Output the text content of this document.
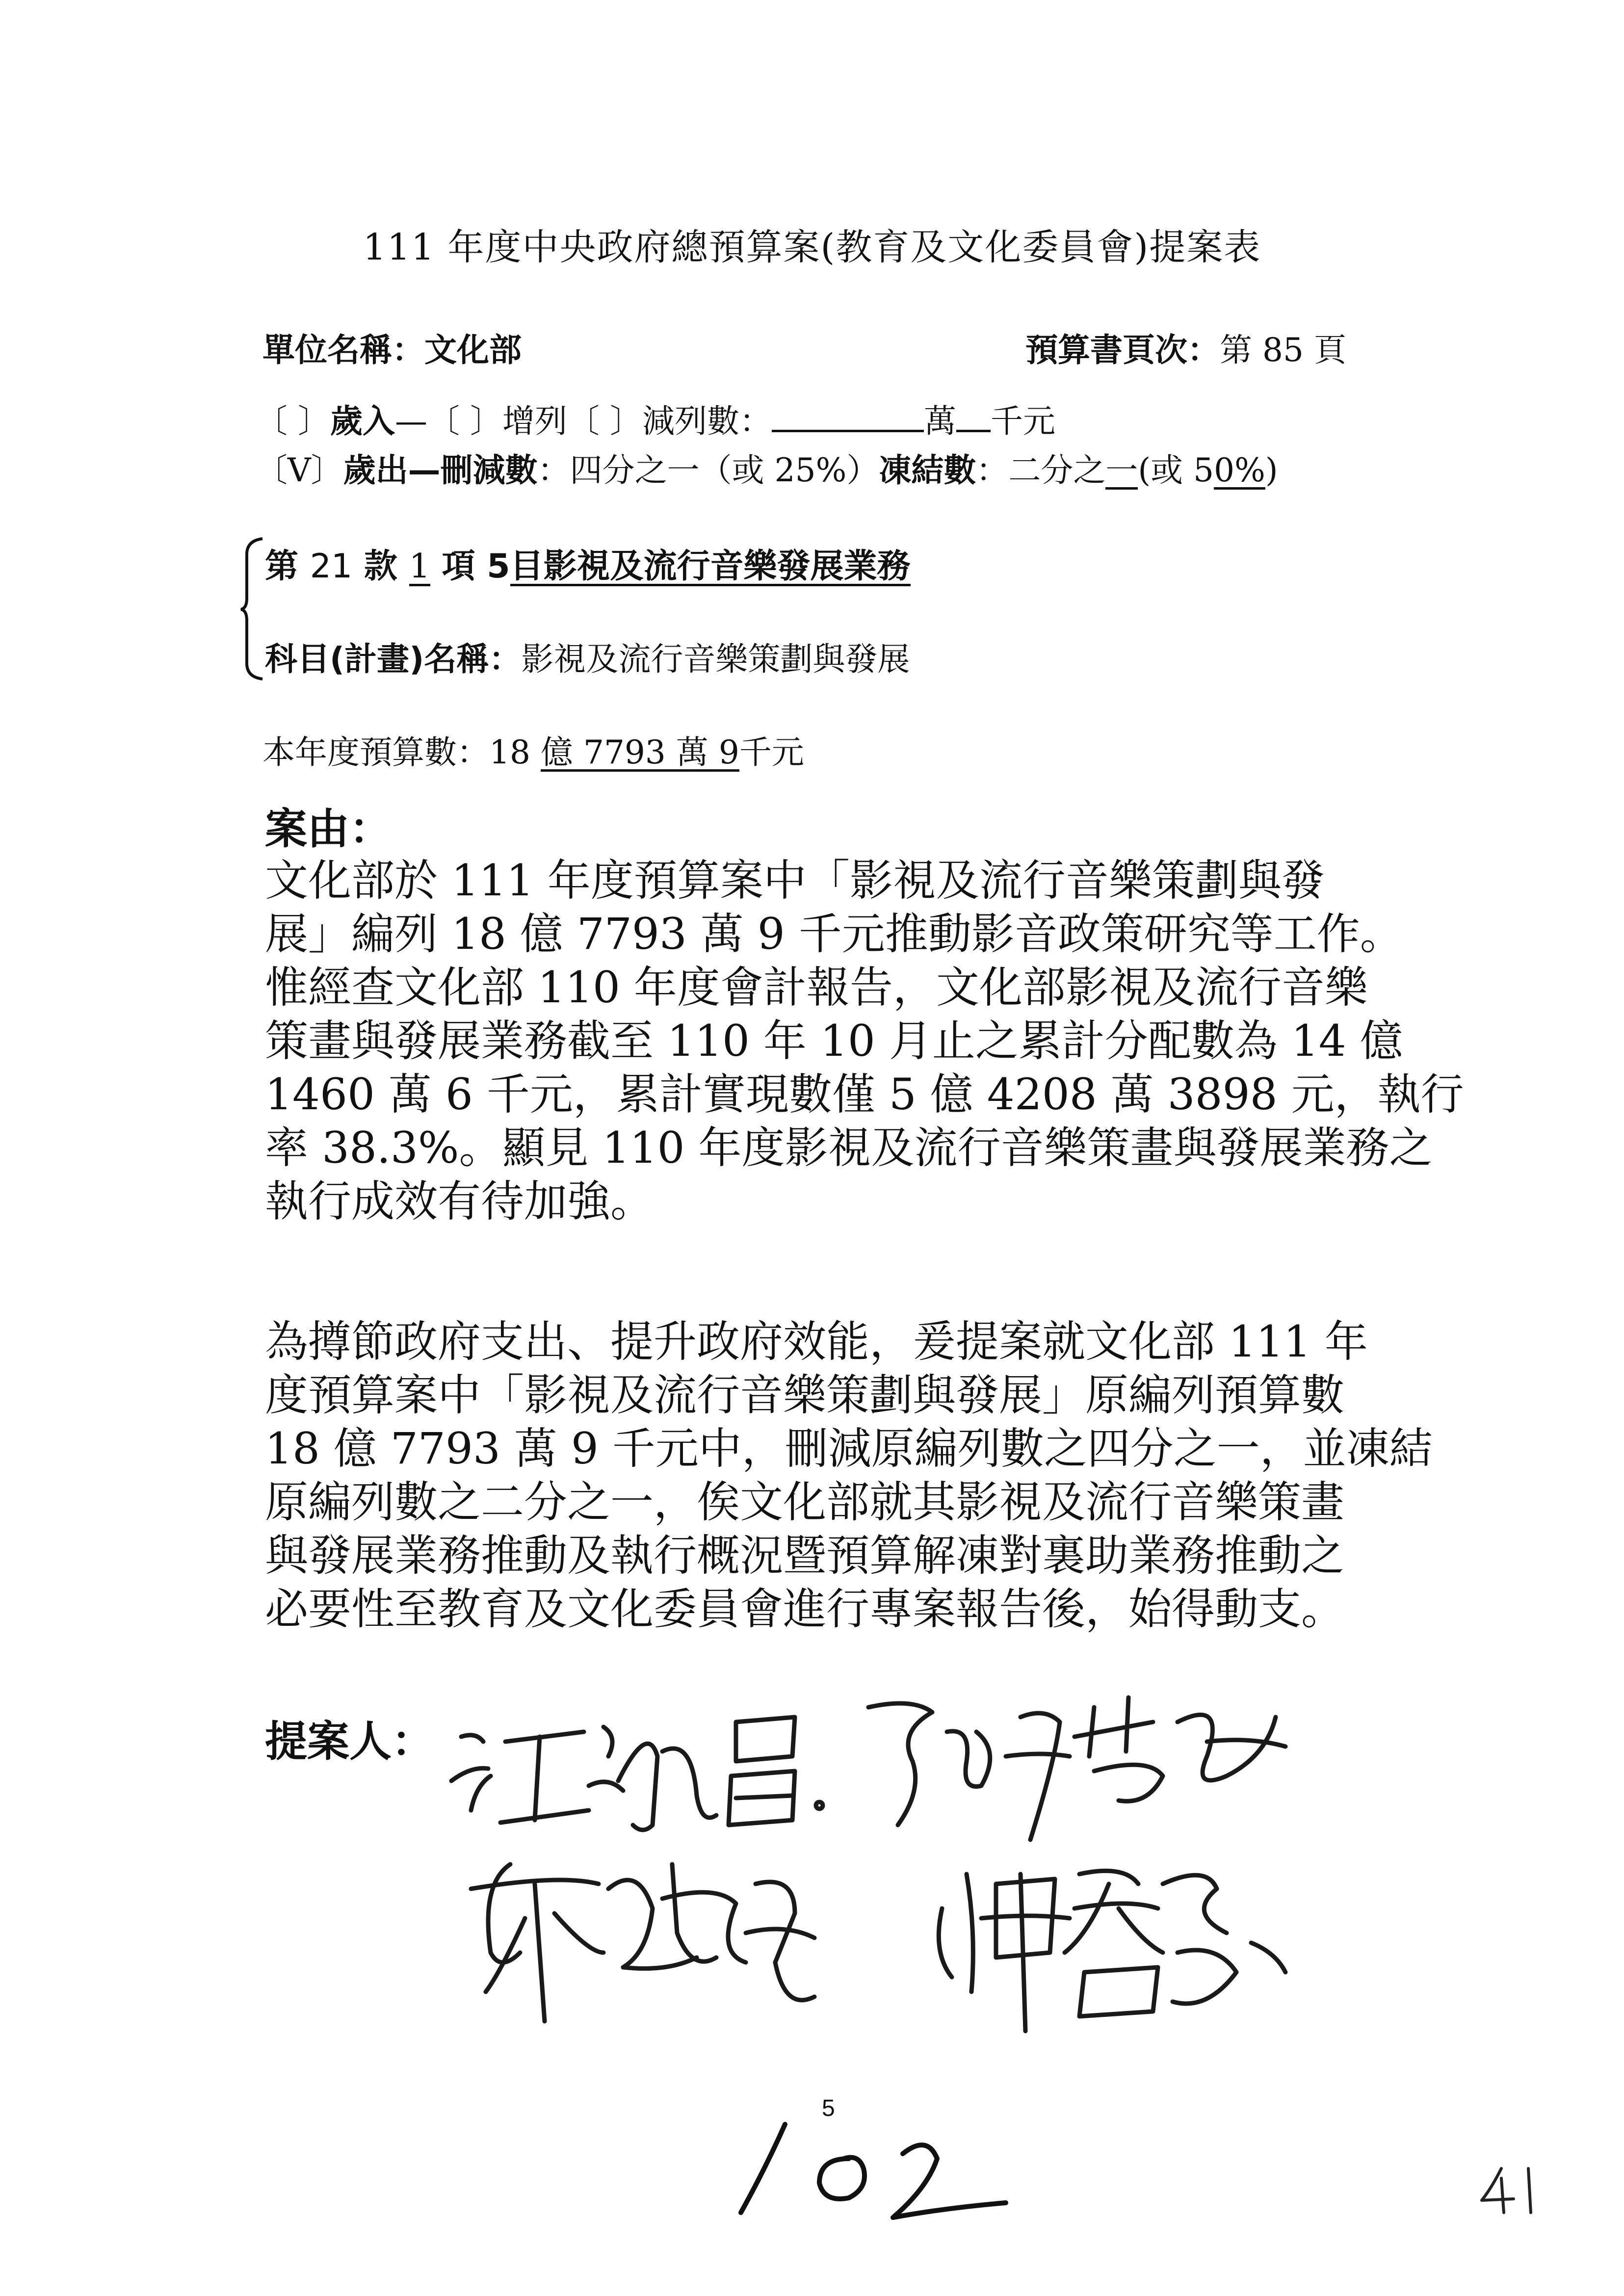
111 年度中央政府總預算案(教育及文化委員會)提案表
單位名稱：文化部	預算書頁次：第 85 頁
〔 〕歲入—〔 〕增列〔 〕減列數：	萬 千元
〔V〕歲出—刪減數：四分之一（或 25%）凍結數：二分之一(或 50%)
第 21 款 1 項 5目影視及流行音樂發展業務
科目(計畫)名稱：影視及流行音樂策劃與發展
本年度預算數：18 億 7793 萬 9千元
案由：

文化部於 111 年度預算案中「影視及流行音樂策劃與發

展」編列 18 億 7793 萬 9 千元推動影音政策研究等工作。

惟經查文化部 110 年度會計報告，文化部影視及流行音樂

策畫與發展業務截至 110 年 10 月止之累計分配數為 14 億

1460 萬 6 千元，累計實現數僅 5 億 4208 萬 3898 元，執行

率 38.3%。顯見 110 年度影視及流行音樂策畫與發展業務之

執行成效有待加強。

為撙節政府支出、提升政府效能，爰提案就文化部 111 年

度預算案中「影視及流行音樂策劃與發展」原編列預算數

18 億 7793 萬 9 千元中，刪減原編列數之四分之一，並凍結

原編列數之二分之一，俟文化部就其影視及流行音樂策畫

與發展業務推動及執行概況暨預算解凍對裏助業務推動之

必要性至教育及文化委員會進行專案報告後，始得動支。

提案人：
5
